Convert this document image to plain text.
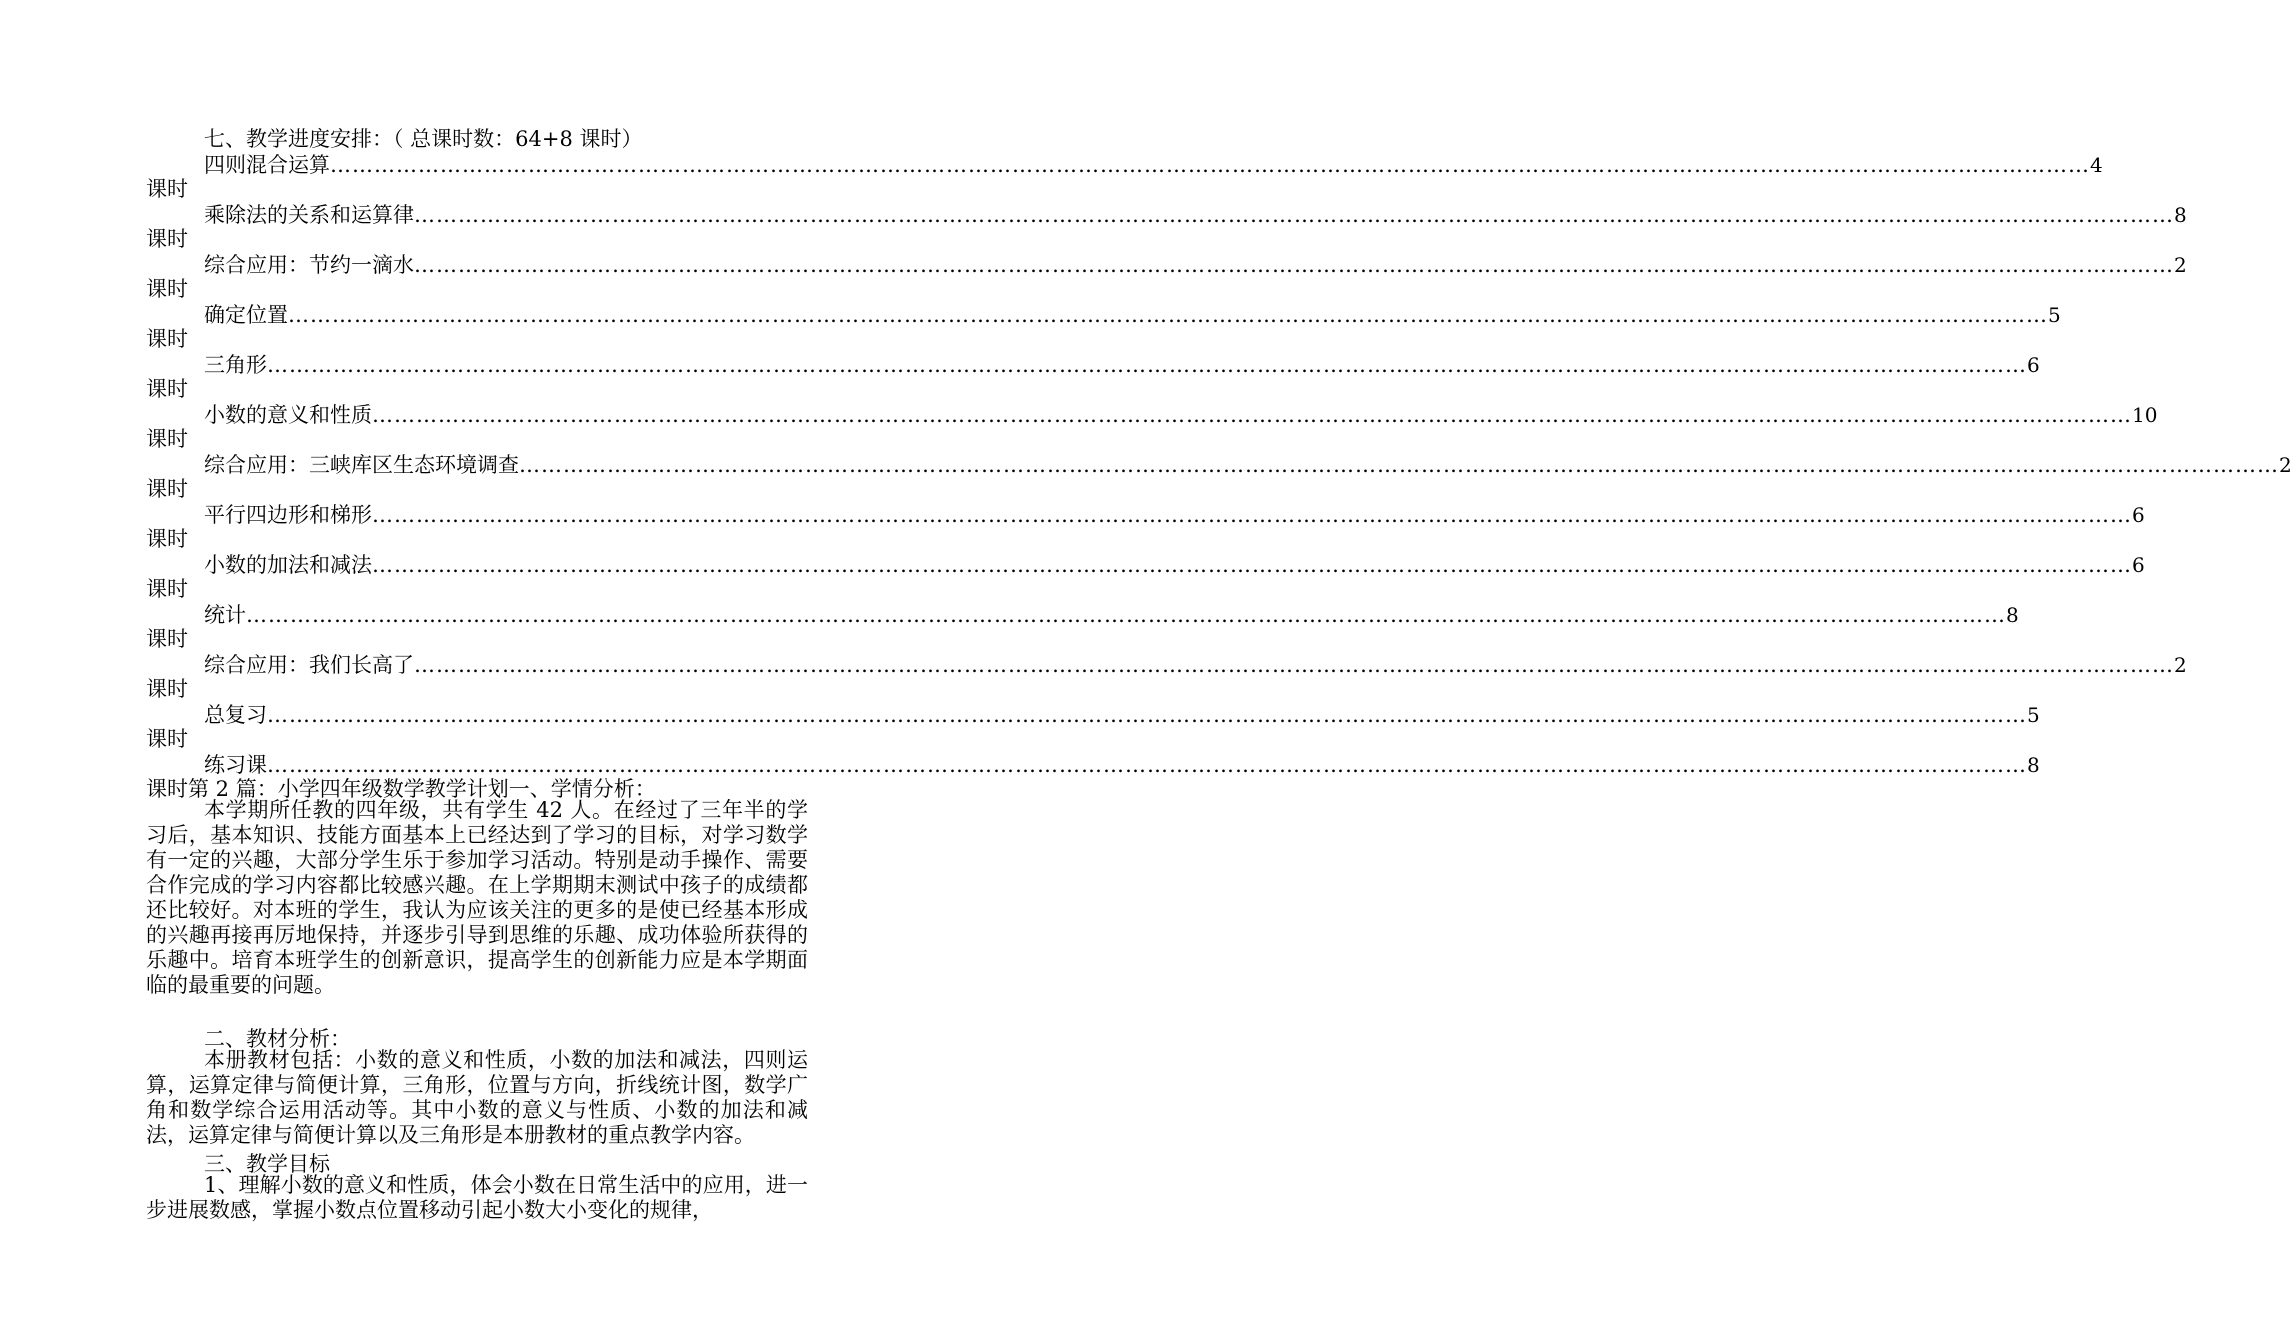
七、教学进度安排：（ 总课时数：64+8 课时）
四则混合运算 …………………………………………………………………………………………………………………………………………………………………………………………………………………… 4
课时
乘除法的关系和运算律 …………………………………………………………………………………………………………………………………………………………………………………………………………………… 8
课时
综合应用：节约一滴水 …………………………………………………………………………………………………………………………………………………………………………………………………………………… 2
课时
确定位置 …………………………………………………………………………………………………………………………………………………………………………………………………………………… 5
课时
三角形 …………………………………………………………………………………………………………………………………………………………………………………………………………………… 6
课时
小数的意义和性质 …………………………………………………………………………………………………………………………………………………………………………………………………………………… 10
课时
综合应用：三峡库区生态环境调查 …………………………………………………………………………………………………………………………………………………………………………………………………………………… 2
课时
平行四边形和梯形 …………………………………………………………………………………………………………………………………………………………………………………………………………………… 6
课时
小数的加法和减法 …………………………………………………………………………………………………………………………………………………………………………………………………………………… 6
课时
统计 …………………………………………………………………………………………………………………………………………………………………………………………………………………… 8
课时
综合应用：我们长高了 …………………………………………………………………………………………………………………………………………………………………………………………………………………… 2
课时
总复习 …………………………………………………………………………………………………………………………………………………………………………………………………………………… 5
课时
练习课 …………………………………………………………………………………………………………………………………………………………………………………………………………………… 8
课时第 2 篇：小学四年级数学教学计划一、学情分析：
本学期所任教的四年级，共有学生 42 人。在经过了三年半的学习后，基本知识、技能方面基本上已经达到了学习的目标，对学习数学有一定的兴趣，大部分学生乐于参加学习活动。特别是动手操作、需要合作完成的学习内容都比较感兴趣。在上学期期末测试中孩子的成绩都还比较好。对本班的学生，我认为应该关注的更多的是使已经基本形成的兴趣再接再厉地保持，并逐步引导到思维的乐趣、成功体验所获得的乐趣中。培育本班学生的创新意识，提高学生的创新能力应是本学期面临的最重要的问题。
二、教材分析：
本册教材包括：小数的意义和性质，小数的加法和减法，四则运算，运算定律与简便计算，三角形，位置与方向，折线统计图，数学广角和数学综合运用活动等。其中小数的意义与性质、小数的加法和减法，运算定律与简便计算以及三角形是本册教材的重点教学内容。
三、教学目标
1、理解小数的意义和性质，体会小数在日常生活中的应用，进一步进展数感，掌握小数点位置移动引起小数大小变化的规律，
